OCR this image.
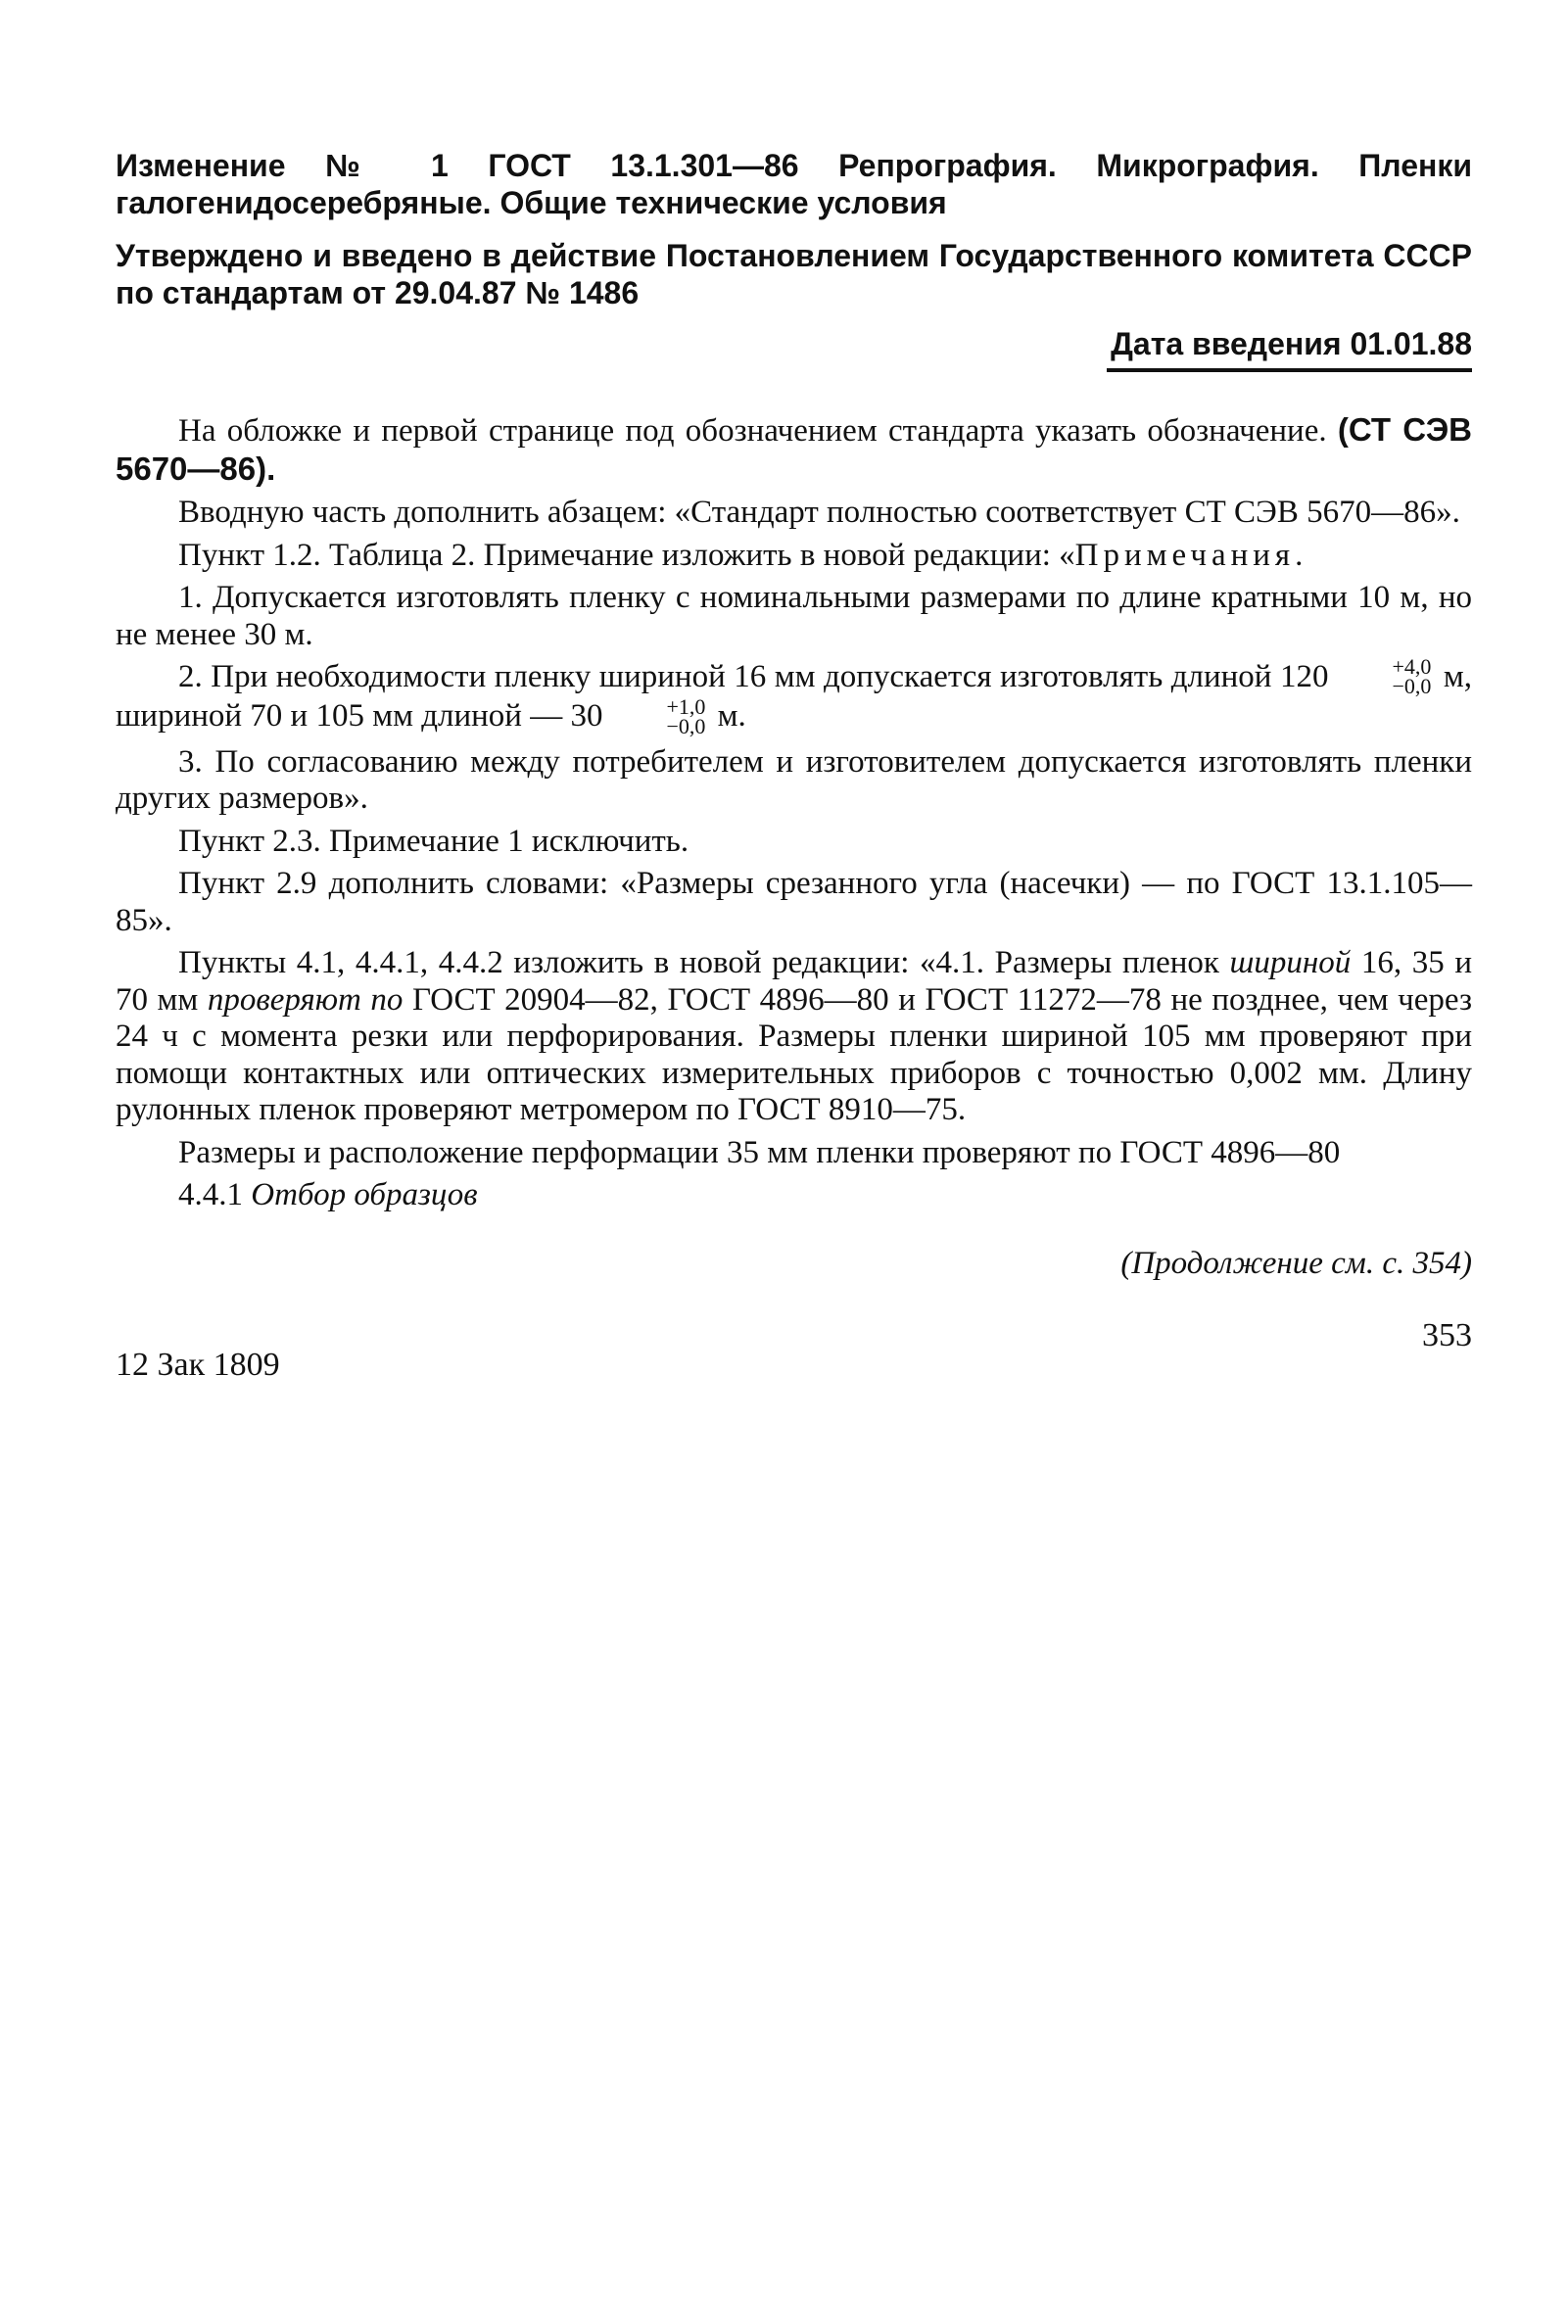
Изменение № 1 ГОСТ 13.1.301—86 Репрография. Микрография. Пленки галогенидосеребряные. Общие технические условия

Утверждено и введено в действие Постановлением Государственного комитета СССР по стандартам от 29.04.87 № 1486

Дата введения 01.01.88

На обложке и первой странице под обозначением стандарта указать обозначение. (СТ СЭВ 5670—86).

Вводную часть дополнить абзацем: «Стандарт полностью соответствует СТ СЭВ 5670—86».

Пункт 1.2. Таблица 2. Примечание изложить в новой редакции: «Примечания.

1. Допускается изготовлять пленку с номинальными размерами по длине кратными 10 м, но не менее 30 м.

2. При необходимости пленку шириной 16 мм допускается изготовлять длиной 120	+4,0
−0,0 м, шириной 70 и 105 мм длиной — 30	+1,0
−0,0 м.

3. По согласованию между потребителем и изготовителем допускается изготовлять пленки других размеров».

Пункт 2.3. Примечание 1 исключить.

Пункт 2.9 дополнить словами: «Размеры срезанного угла (насечки) — по ГОСТ 13.1.105—85».

Пункты 4.1, 4.4.1, 4.4.2 изложить в новой редакции: «4.1. Размеры пленок шириной 16, 35 и 70 мм проверяют по ГОСТ 20904—82, ГОСТ 4896—80 и ГОСТ 11272—78 не позднее, чем через 24 ч с момента резки или перфорирования. Размеры пленки шириной 105 мм проверяют при помощи контактных или оптических измерительных приборов с точностью 0,002 мм. Длину рулонных пленок проверяют метромером по ГОСТ 8910—75.

Размеры и расположение перформации 35 мм пленки проверяют по ГОСТ 4896—80

4.4.1 Отбор образцов

(Продолжение см. с. 354)
12 Зак 1809
353
